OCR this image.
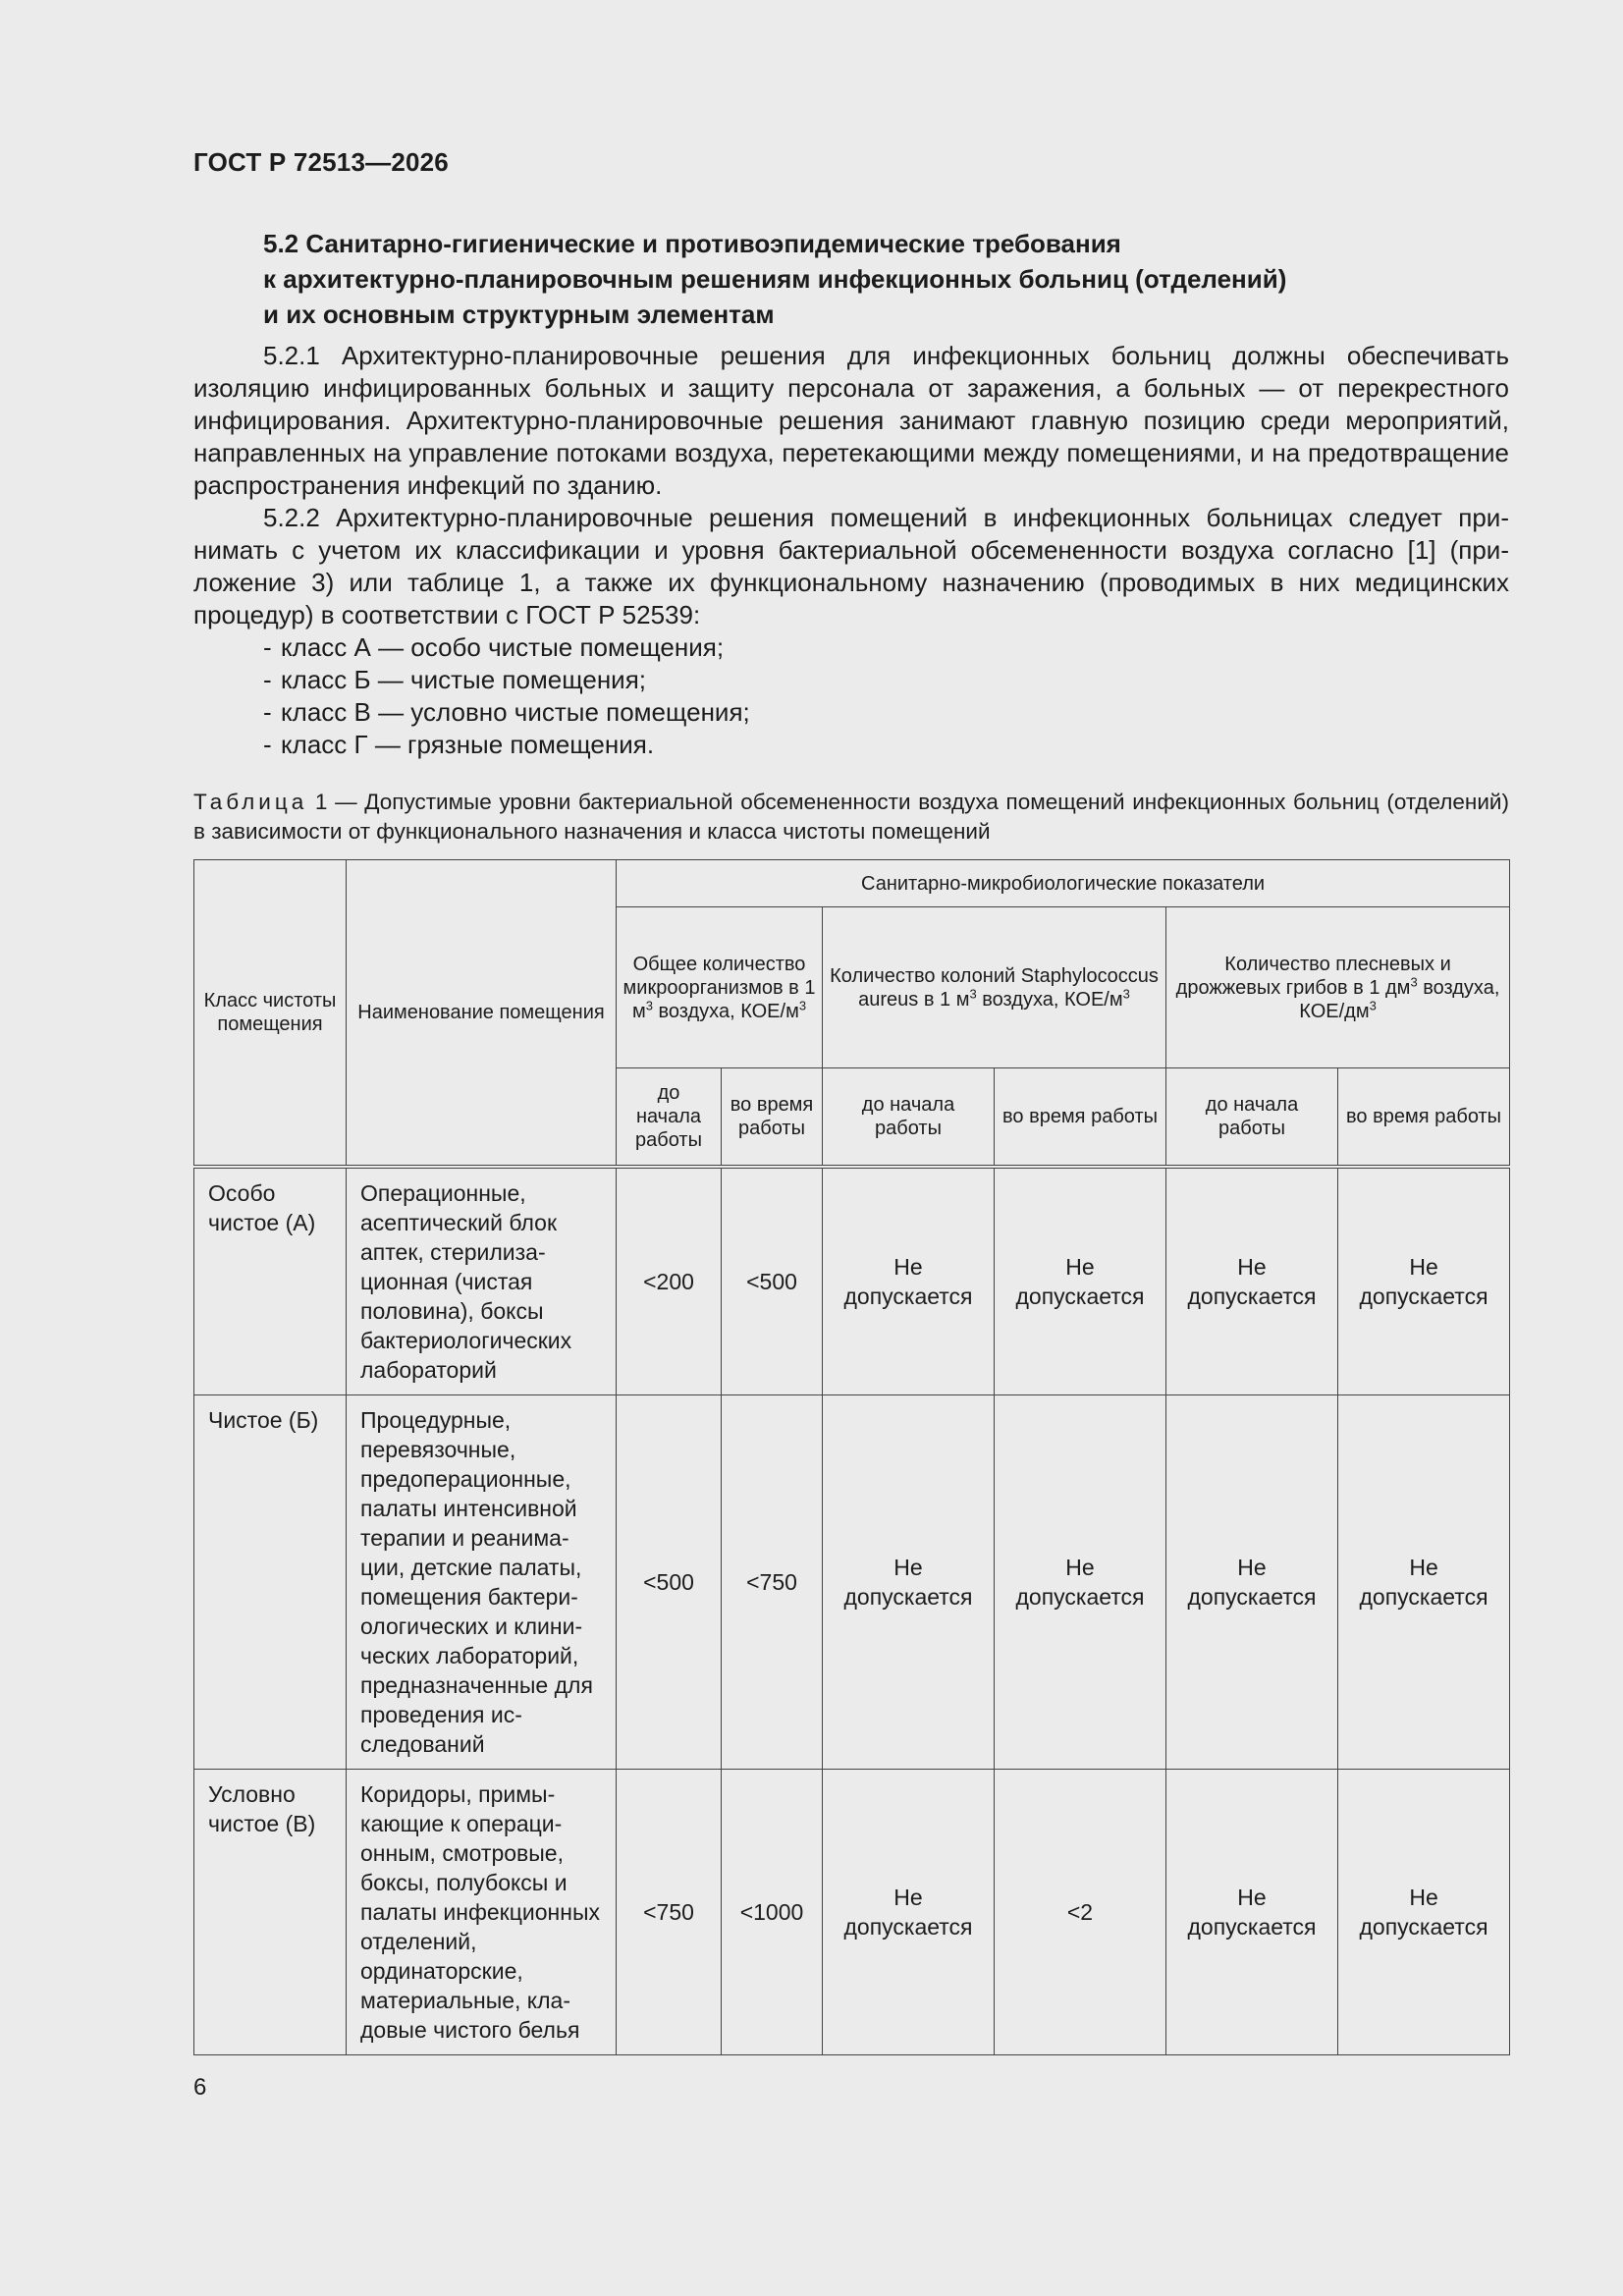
ГОСТ Р 72513—2026
5.2 Санитарно-гигиенические и противоэпидемические требования
к архитектурно-планировочным решениям инфекционных больниц (отделений)
и их основным структурным элементам

5.2.1 Архитектурно-планировочные решения для инфекционных больниц должны обеспечивать изоляцию инфицированных больных и защиту персонала от заражения, а больных — от перекрестного инфицирования. Архитектурно-планировочные решения занимают главную позицию среди мероприятий, направленных на управление потоками воздуха, перетекающими между помещениями, и на предотвращение распространения инфекций по зданию.

5.2.2 Архитектурно-планировочные решения помещений в инфекционных больницах следует принимать с учетом их классификации и уровня бактериальной обсемененности воздуха согласно [1] (приложение 3) или таблице 1, а также их функциональному назначению (проводимых в них медицинских процедур) в соответствии с ГОСТ Р 52539:

- класс А — особо чистые помещения;
- класс Б — чистые помещения;
- класс В — условно чистые помещения;
- класс Г — грязные помещения.
Таблица 1 — Допустимые уровни бактериальной обсемененности воздуха помещений инфекционных больниц (отделений) в зависимости от функционального назначения и класса чистоты помещений
Класс чистоты помещения	Наименование помещения	Санитарно-микробиологические показатели					
		Общее количество микроорганизмов в 1 $м^3$ воздуха, КОЕ/$м^3$		Количество колоний Staphylococcus aureus в 1 $м^3$ воздуха, КОЕ/$м^3$		Количество плесневых и дрожжевых грибов в 1 $дм^3$ воздуха, КОЕ/$дм^3$
		до начала работы	во время работы	до начала работы	во время работы	до начала работы	во время работы
Особо чистое (А)	Операционные, асептический блок аптек, стерилизационная (чистая половина), боксы бактериологических лабораторий	<200	<500	Не допускается	Не допускается	Не допускается	Не допускается
Чистое (Б)	Процедурные, перевязочные, предоперационные, палаты интенсивной терапии и реанимации, детские палаты, помещения бактериологических и клинических лабораторий, предназначенные для проведения исследований	<500	<750	Не допускается	Не допускается	Не допускается	Не допускается
Условно чистое (В)	Коридоры, примыкающие к операционным, смотровые, боксы, полубоксы и палаты инфекционных отделений, ординаторские, материальные, кладовые чистого белья	<750	<1000	Не допускается	<2	Не допускается	Не допускается
6
